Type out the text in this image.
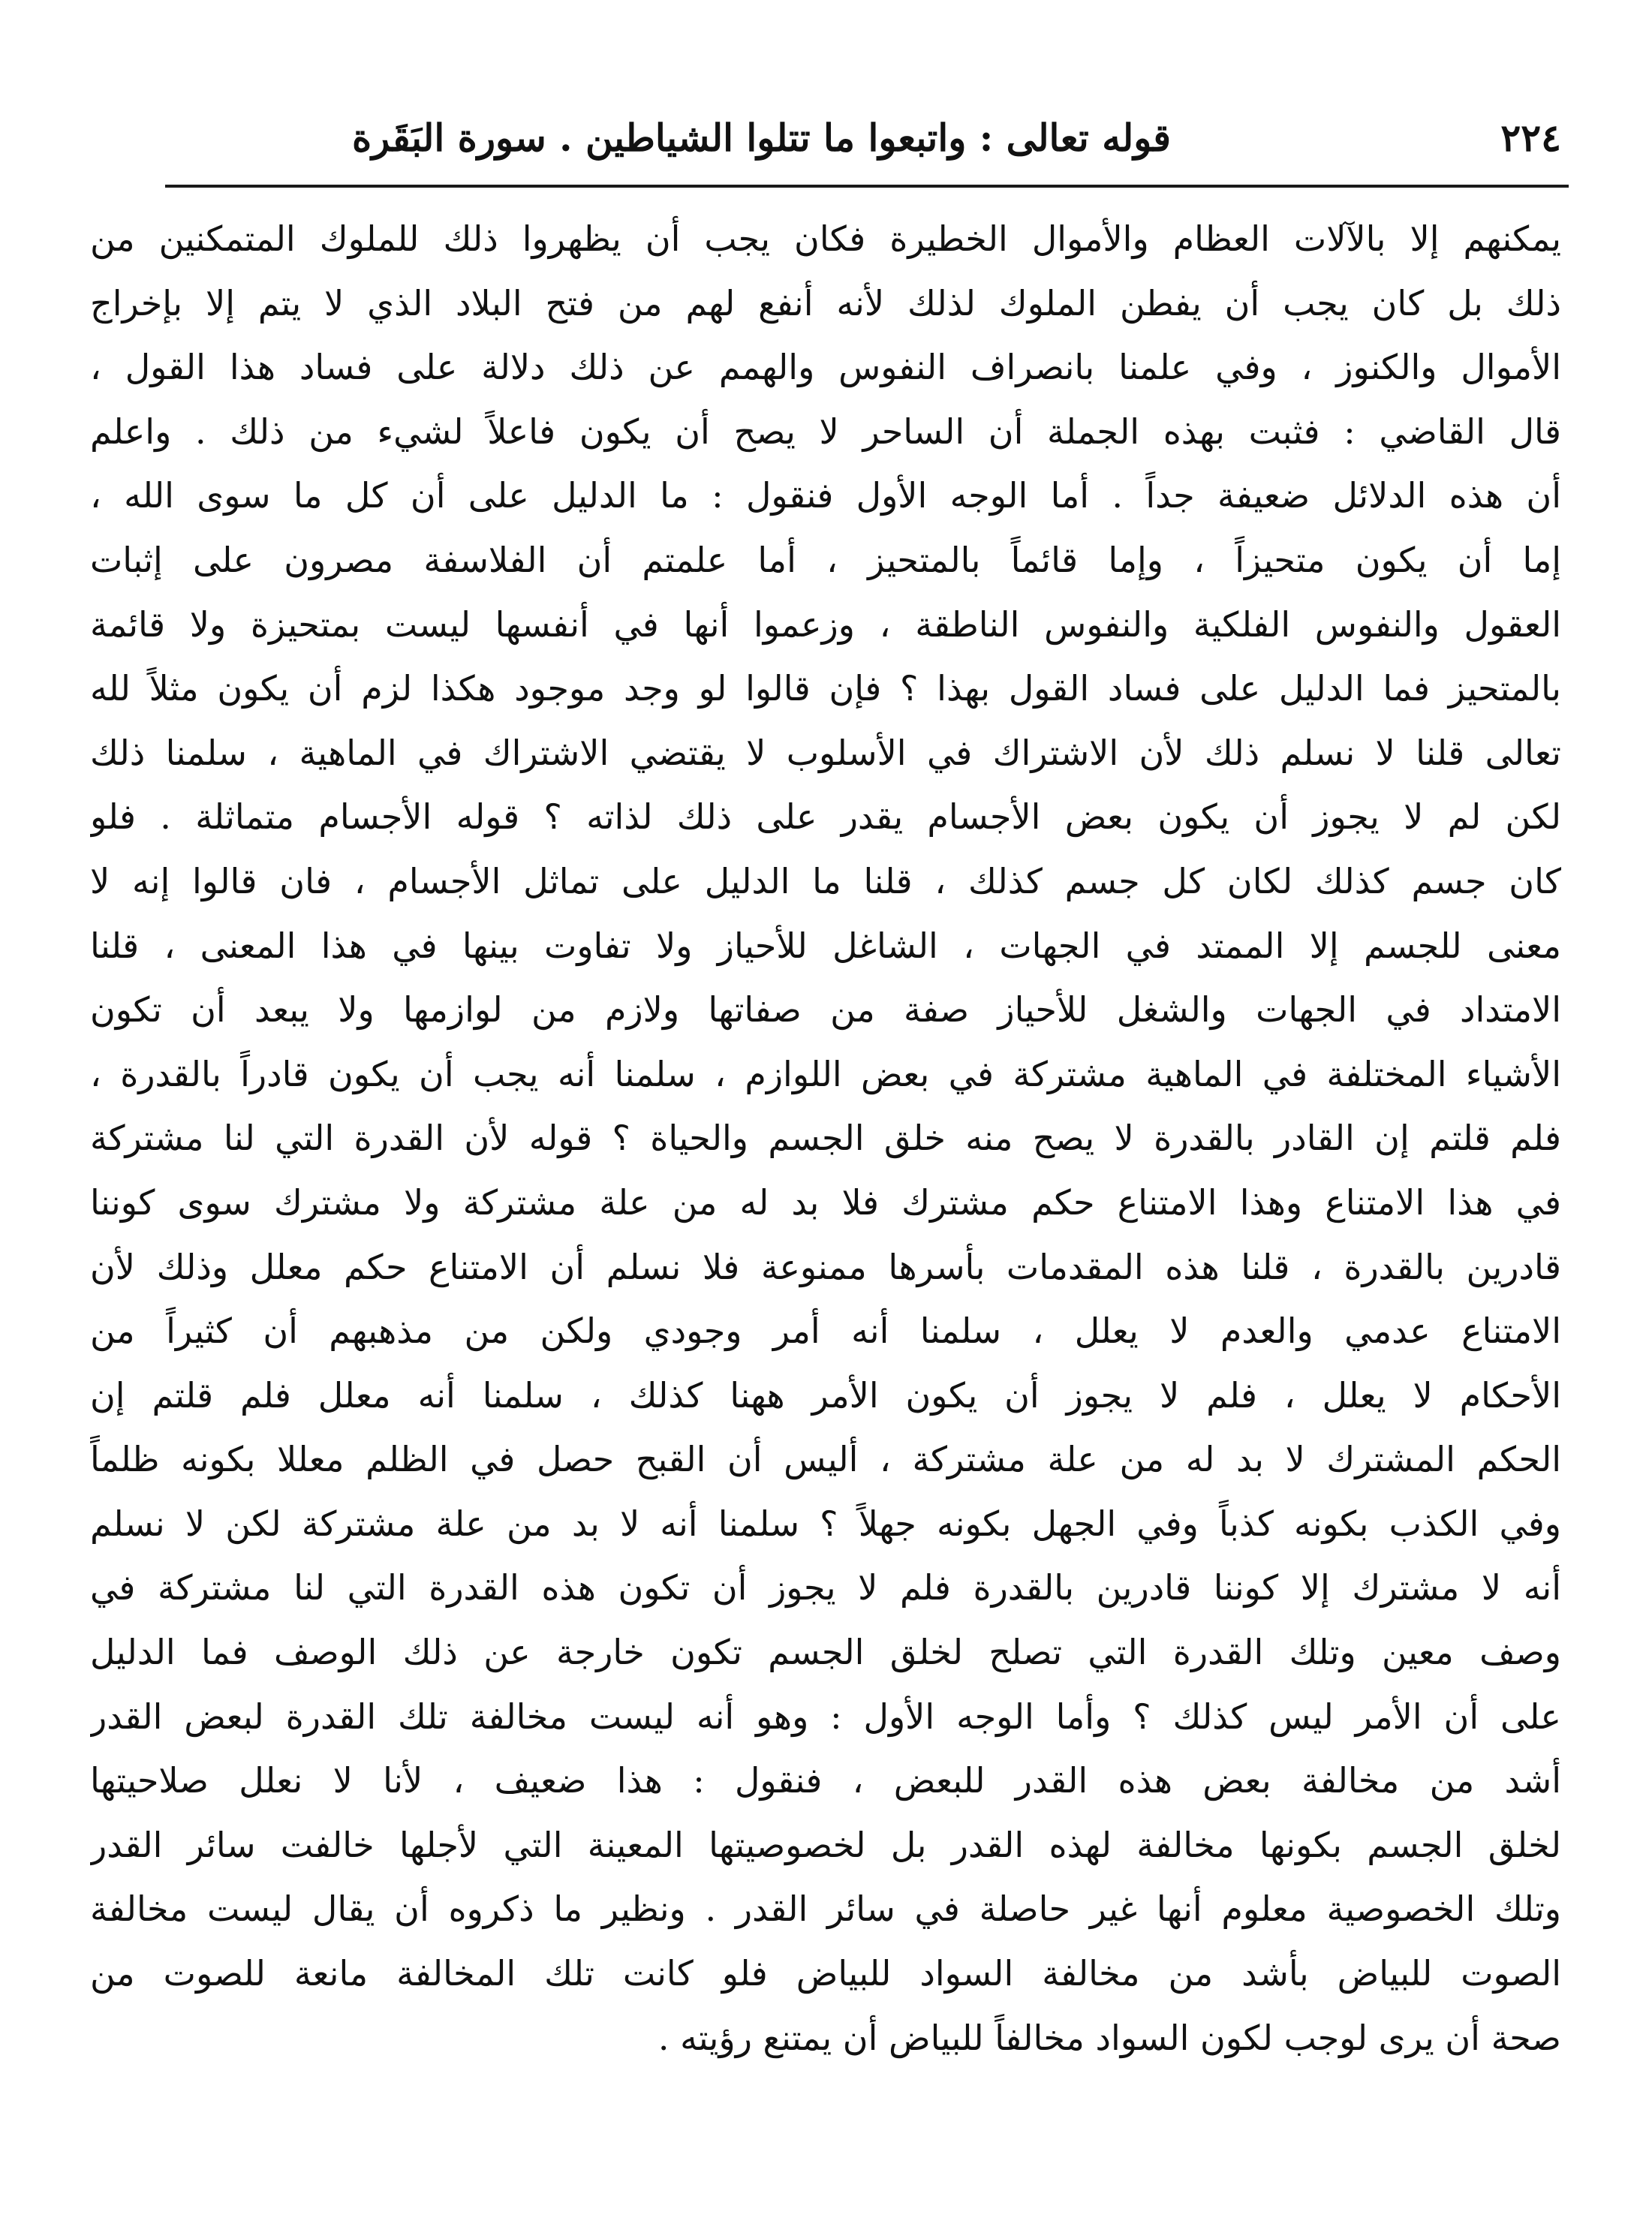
٢٢٤
قوله تعالى : واتبعوا ما تتلوا الشياطين . سورة البَقَرة
يمكنهم إلا بالآلات العظام والأموال الخطيرة فكان يجب أن يظهروا ذلك للملوك المتمكنين من
ذلك بل كان يجب أن يفطن الملوك لذلك لأنه أنفع لهم من فتح البلاد الذي لا يتم إلا بإخراج
الأموال والكنوز ، وفي علمنا بانصراف النفوس والهمم عن ذلك دلالة على فساد هذا القول ،
قال القاضي : فثبت بهذه الجملة أن الساحر لا يصح أن يكون فاعلاً لشيء من ذلك . واعلم
أن هذه الدلائل ضعيفة جداً . أما الوجه الأول فنقول : ما الدليل على أن كل ما سوى الله ،
إما أن يكون متحيزاً ، وإما قائماً بالمتحيز ، أما علمتم أن الفلاسفة مصرون على إثبات
العقول والنفوس الفلكية والنفوس الناطقة ، وزعموا أنها في أنفسها ليست بمتحيزة ولا قائمة
بالمتحيز فما الدليل على فساد القول بهذا ؟ فإن قالوا لو وجد موجود هكذا لزم أن يكون مثلاً لله
تعالى قلنا لا نسلم ذلك لأن الاشتراك في الأسلوب لا يقتضي الاشتراك في الماهية ، سلمنا ذلك
لكن لم لا يجوز أن يكون بعض الأجسام يقدر على ذلك لذاته ؟ قوله الأجسام متماثلة . فلو
كان جسم كذلك لكان كل جسم كذلك ، قلنا ما الدليل على تماثل الأجسام ، فان قالوا إنه لا
معنى للجسم إلا الممتد في الجهات ، الشاغل للأحياز ولا تفاوت بينها في هذا المعنى ، قلنا
الامتداد في الجهات والشغل للأحياز صفة من صفاتها ولازم من لوازمها ولا يبعد أن تكون
الأشياء المختلفة في الماهية مشتركة في بعض اللوازم ، سلمنا أنه يجب أن يكون قادراً بالقدرة ،
فلم قلتم إن القادر بالقدرة لا يصح منه خلق الجسم والحياة ؟ قوله لأن القدرة التي لنا مشتركة
في هذا الامتناع وهذا الامتناع حكم مشترك فلا بد له من علة مشتركة ولا مشترك سوى كوننا
قادرين بالقدرة ، قلنا هذه المقدمات بأسرها ممنوعة فلا نسلم أن الامتناع حكم معلل وذلك لأن
الامتناع عدمي والعدم لا يعلل ، سلمنا أنه أمر وجودي ولكن من مذهبهم أن كثيراً من
الأحكام لا يعلل ، فلم لا يجوز أن يكون الأمر ههنا كذلك ، سلمنا أنه معلل فلم قلتم إن
الحكم المشترك لا بد له من علة مشتركة ، أليس أن القبح حصل في الظلم معللا بكونه ظلماً
وفي الكذب بكونه كذباً وفي الجهل بكونه جهلاً ؟ سلمنا أنه لا بد من علة مشتركة لكن لا نسلم
أنه لا مشترك إلا كوننا قادرين بالقدرة فلم لا يجوز أن تكون هذه القدرة التي لنا مشتركة في
وصف معين وتلك القدرة التي تصلح لخلق الجسم تكون خارجة عن ذلك الوصف فما الدليل
على أن الأمر ليس كذلك ؟ وأما الوجه الأول : وهو أنه ليست مخالفة تلك القدرة لبعض القدر
أشد من مخالفة بعض هذه القدر للبعض ، فنقول : هذا ضعيف ، لأنا لا نعلل صلاحيتها
لخلق الجسم بكونها مخالفة لهذه القدر بل لخصوصيتها المعينة التي لأجلها خالفت سائر القدر
وتلك الخصوصية معلوم أنها غير حاصلة في سائر القدر . ونظير ما ذكروه أن يقال ليست مخالفة
الصوت للبياض بأشد من مخالفة السواد للبياض فلو كانت تلك المخالفة مانعة للصوت من
صحة أن يرى لوجب لكون السواد مخالفاً للبياض أن يمتنع رؤيته .
